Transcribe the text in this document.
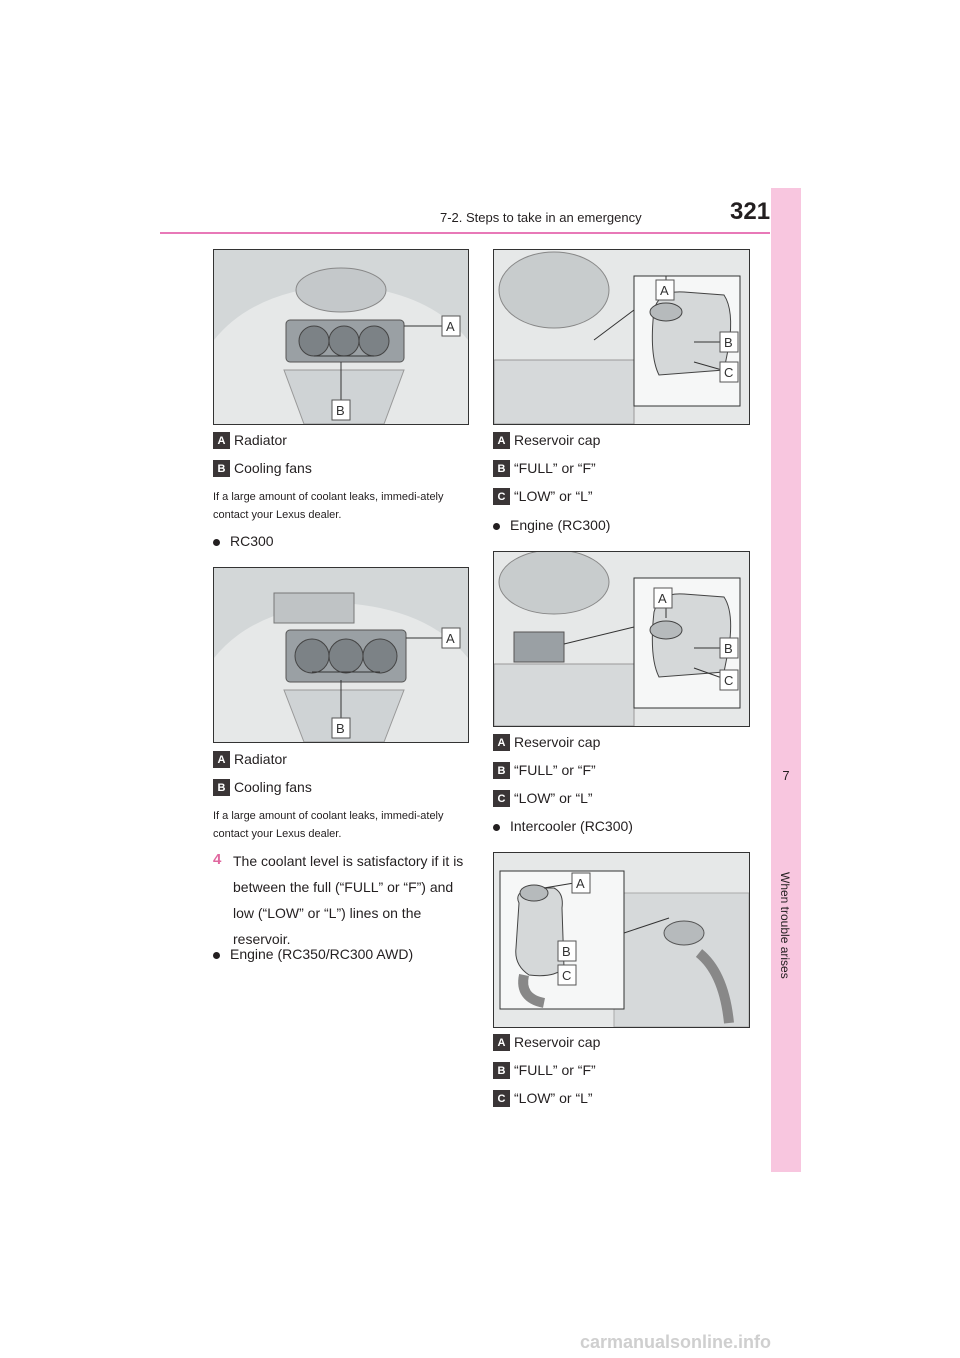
7-2. Steps to take in an emergency	321
7
When trouble arises
A
B
A Radiator
B Cooling fans
If a large amount of coolant leaks, immedi-ately contact your Lexus dealer.
RC300
A
B
A Radiator
B Cooling fans
If a large amount of coolant leaks, immedi-ately contact your Lexus dealer.
4 The coolant level is satisfactory if it is between the full (“FULL” or “F”) and low (“LOW” or “L”) lines on the reservoir.
Engine (RC350/RC300 AWD)
A
B
C
A Reservoir cap
B “FULL” or “F”
C “LOW” or “L”
Engine (RC300)
A
B
C
A Reservoir cap
B “FULL” or “F”
C “LOW” or “L”
Intercooler (RC300)
A
B
C
A Reservoir cap
B “FULL” or “F”
C “LOW” or “L”
carmanualsonline.info
